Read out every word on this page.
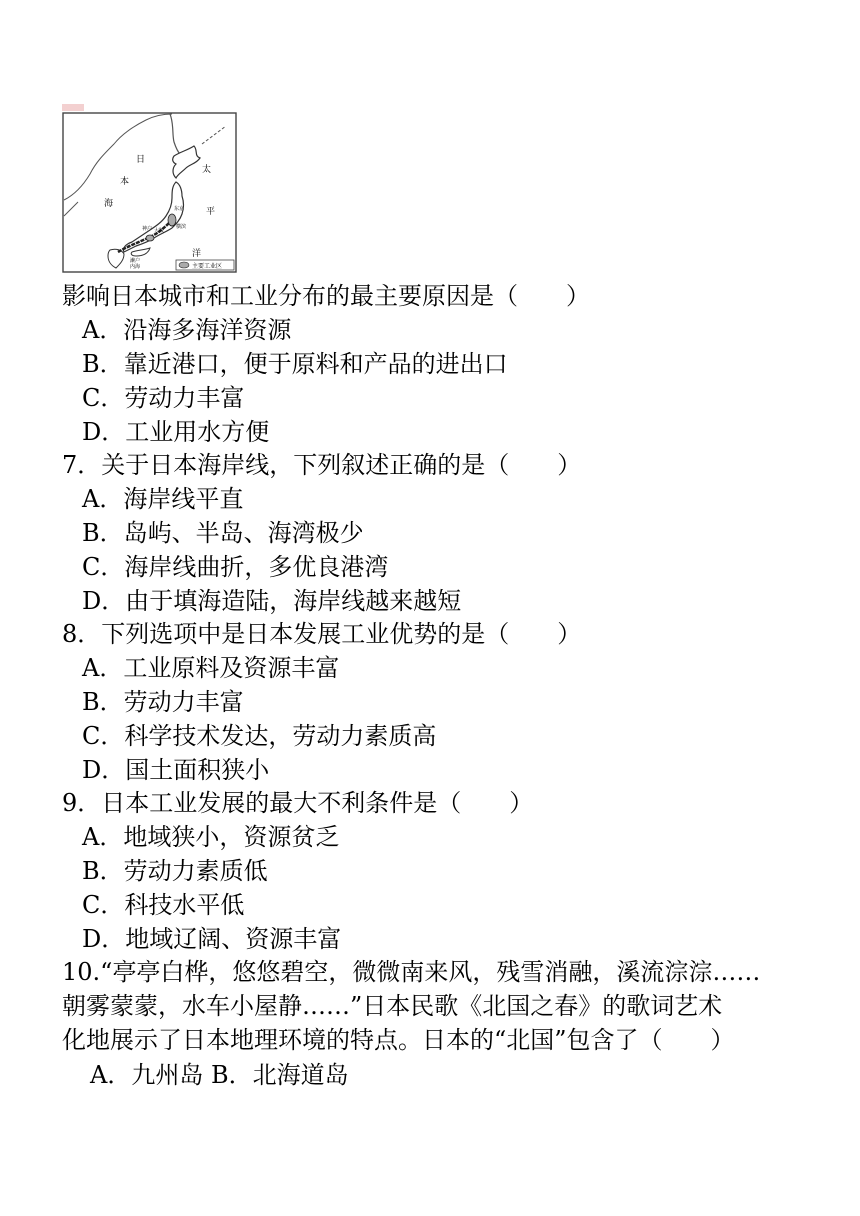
日
本
海
太
平
洋
东京
横滨
神户 大阪
濑户
内海	主要工业区
影响日本城市和工业分布的最主要原因是（　　）
A．沿海多海洋资源
B．靠近港口，便于原料和产品的进出口
C．劳动力丰富
D．工业用水方便
7．关于日本海岸线，下列叙述正确的是（　　）
A．海岸线平直
B．岛屿、半岛、海湾极少
C．海岸线曲折，多优良港湾
D．由于填海造陆，海岸线越来越短
8．下列选项中是日本发展工业优势的是（　　）
A．工业原料及资源丰富
B．劳动力丰富
C．科学技术发达，劳动力素质高
D．国土面积狭小
9．日本工业发展的最大不利条件是（　　）
A．地域狭小，资源贫乏
B．劳动力素质低
C．科技水平低
D．地域辽阔、资源丰富
10.“亭亭白桦，悠悠碧空，微微南来风，残雪消融，溪流淙淙……
朝雾蒙蒙，水车小屋静……”日本民歌《北国之春》的歌词艺术
化地展示了日本地理环境的特点。日本的“北国”包含了（　　）
A．九州岛 B．北海道岛
